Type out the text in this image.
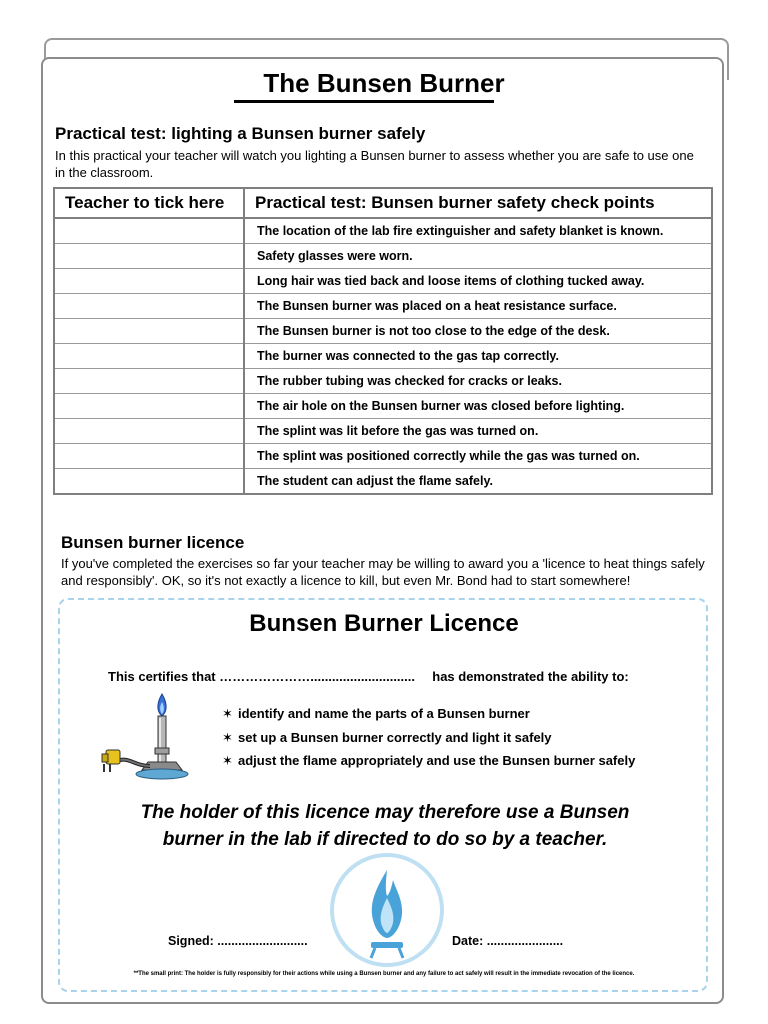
The Bunsen Burner
Practical test: lighting a Bunsen burner safely

In this practical your teacher will watch you lighting a Bunsen burner to assess whether you are safe to use one in the classroom.

Teacher to tick here	Practical test: Bunsen burner safety check points
	The location of the lab fire extinguisher and safety blanket is known.
	Safety glasses were worn.
	Long hair was tied back and loose items of clothing tucked away.
	The Bunsen burner was placed on a heat resistance surface.
	The Bunsen burner is not too close to the edge of the desk.
	The burner was connected to the gas tap correctly.
	The rubber tubing was checked for cracks or leaks.
	The air hole on the Bunsen burner was closed before lighting.
	The splint was lit before the gas was turned on.
	The splint was positioned correctly while the gas was turned on.
	The student can adjust the flame safely.
Bunsen burner licence

If you've completed the exercises so far your teacher may be willing to award you a 'licence to heat things safely and responsibly'. OK, so it's not exactly a licence to kill, but even Mr. Bond had to start somewhere!

Bunsen Burner Licence
This certifies that …………………............................. has demonstrated the ability to:
✶ identify and name the parts of a Bunsen burner
✶ set up a Bunsen burner correctly and light it safely
✶ adjust the flame appropriately and use the Bunsen burner safely
The holder of this licence may therefore use a Bunsen
burner in the lab if directed to do so by a teacher.
Signed: ..........................	Date: ......................
**The small print: The holder is fully responsibly for their actions while using a Bunsen burner and any failure to act safely will result in the immediate revocation of the licence.
